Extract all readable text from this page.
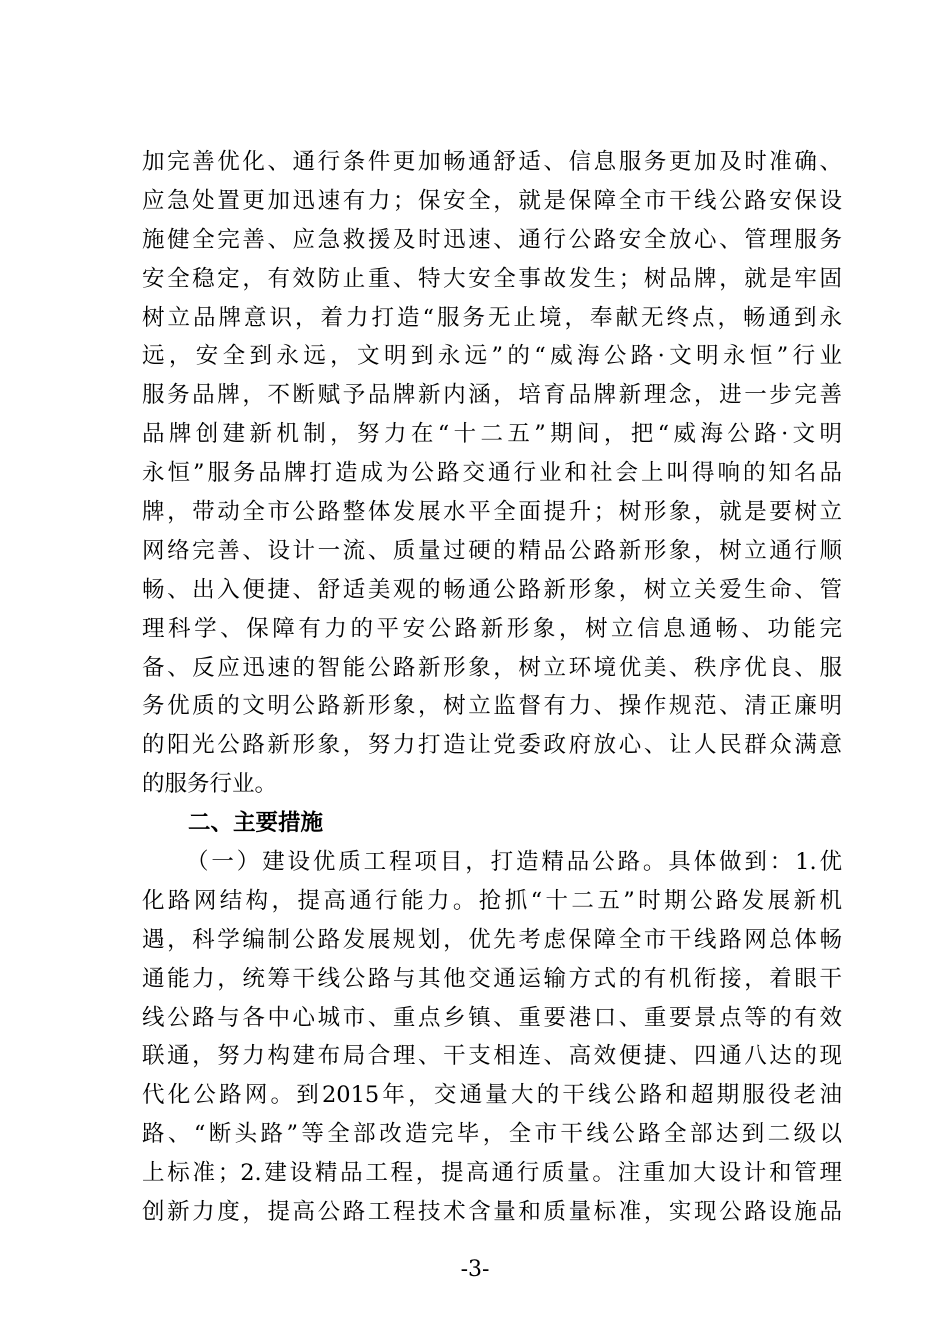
加完善优化、通行条件更加畅通舒适、信息服务更加及时准确、
应急处置更加迅速有力；保安全，就是保障全市干线公路安保设
施健全完善、应急救援及时迅速、通行公路安全放心、管理服务
安全稳定，有效防止重、特大安全事故发生；树品牌，就是牢固
树立品牌意识，着力打造“服务无止境，奉献无终点，畅通到永
远，安全到永远，文明到永远”的“威海公路·文明永恒”行业
服务品牌，不断赋予品牌新内涵，培育品牌新理念，进一步完善
品牌创建新机制，努力在“十二五”期间，把“威海公路·文明
永恒”服务品牌打造成为公路交通行业和社会上叫得响的知名品
牌，带动全市公路整体发展水平全面提升；树形象，就是要树立
网络完善、设计一流、质量过硬的精品公路新形象，树立通行顺
畅、出入便捷、舒适美观的畅通公路新形象，树立关爱生命、管
理科学、保障有力的平安公路新形象，树立信息通畅、功能完
备、反应迅速的智能公路新形象，树立环境优美、秩序优良、服
务优质的文明公路新形象，树立监督有力、操作规范、清正廉明
的阳光公路新形象，努力打造让党委政府放心、让人民群众满意
的服务行业。
二、主要措施
（一）建设优质工程项目，打造精品公路。具体做到：1.优
化路网结构，提高通行能力。抢抓“十二五”时期公路发展新机
遇，科学编制公路发展规划，优先考虑保障全市干线路网总体畅
通能力，统筹干线公路与其他交通运输方式的有机衔接，着眼干
线公路与各中心城市、重点乡镇、重要港口、重要景点等的有效
联通，努力构建布局合理、干支相连、高效便捷、四通八达的现
代化公路网。到2015年，交通量大的干线公路和超期服役老油
路、“断头路”等全部改造完毕，全市干线公路全部达到二级以
上标准；2.建设精品工程，提高通行质量。注重加大设计和管理
创新力度，提高公路工程技术含量和质量标准，实现公路设施品
-3-
